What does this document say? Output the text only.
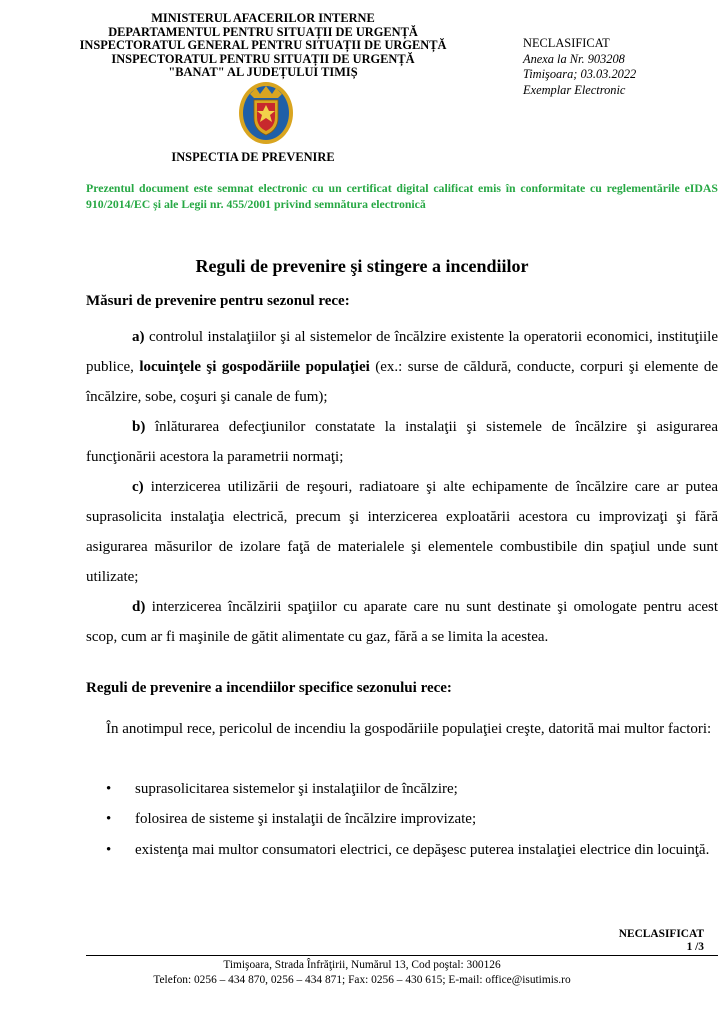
MINISTERUL AFACERILOR INTERNE
DEPARTAMENTUL PENTRU SITUAȚII DE URGENȚĂ
INSPECTORATUL GENERAL PENTRU SITUAȚII DE URGENȚĂ
INSPECTORATUL PENTRU SITUAȚII DE URGENȚĂ
"BANAT" AL JUDEȚULUI TIMIȘ
INSPECTIA DE PREVENIRE
NECLASIFICAT
Anexa la Nr. 903208
Timişoara; 03.03.2022
Exemplar Electronic
Prezentul document este semnat electronic cu un certificat digital calificat emis în conformitate cu reglementările eIDAS 910/2014/EC și ale Legii nr. 455/2001 privind semnătura electronică
Reguli de prevenire şi stingere a incendiilor
Măsuri de prevenire pentru sezonul rece:
a) controlul instalaţiilor şi al sistemelor de încălzire existente la operatorii economici, instituţiile publice, locuinţele şi gospodăriile populaţiei (ex.: surse de căldură, conducte, corpuri şi elemente de încălzire, sobe, coşuri şi canale de fum);
b) înlăturarea defecţiunilor constatate la instalaţii şi sistemele de încălzire şi asigurarea funcţionării acestora la parametrii normaţi;
c) interzicerea utilizării de reşouri, radiatoare şi alte echipamente de încălzire care ar putea suprasolicita instalaţia electrică, precum şi interzicerea exploatării acestora cu improvizaţi şi fără asigurarea măsurilor de izolare faţă de materialele şi elementele combustibile din spaţiul unde sunt utilizate;
d) interzicerea încălzirii spaţiilor cu aparate care nu sunt destinate şi omologate pentru acest scop, cum ar fi maşinile de gătit alimentate cu gaz, fără a se limita la acestea.
Reguli de prevenire a incendiilor specifice sezonului rece:
În anotimpul rece, pericolul de incendiu la gospodăriile populaţiei creşte, datorită mai multor factori:
• suprasolicitarea sistemelor şi instalaţiilor de încălzire;
• folosirea de sisteme şi instalaţii de încălzire improvizate;
• existenţa mai multor consumatori electrici, ce depăşesc puterea instalaţiei electrice din locuinţă.
NECLASIFICAT
1 /3
Timişoara, Strada Înfrăţirii, Numărul 13, Cod poştal: 300126
Telefon: 0256 – 434 870, 0256 – 434 871; Fax: 0256 – 430 615; E-mail: office@isutimis.ro
